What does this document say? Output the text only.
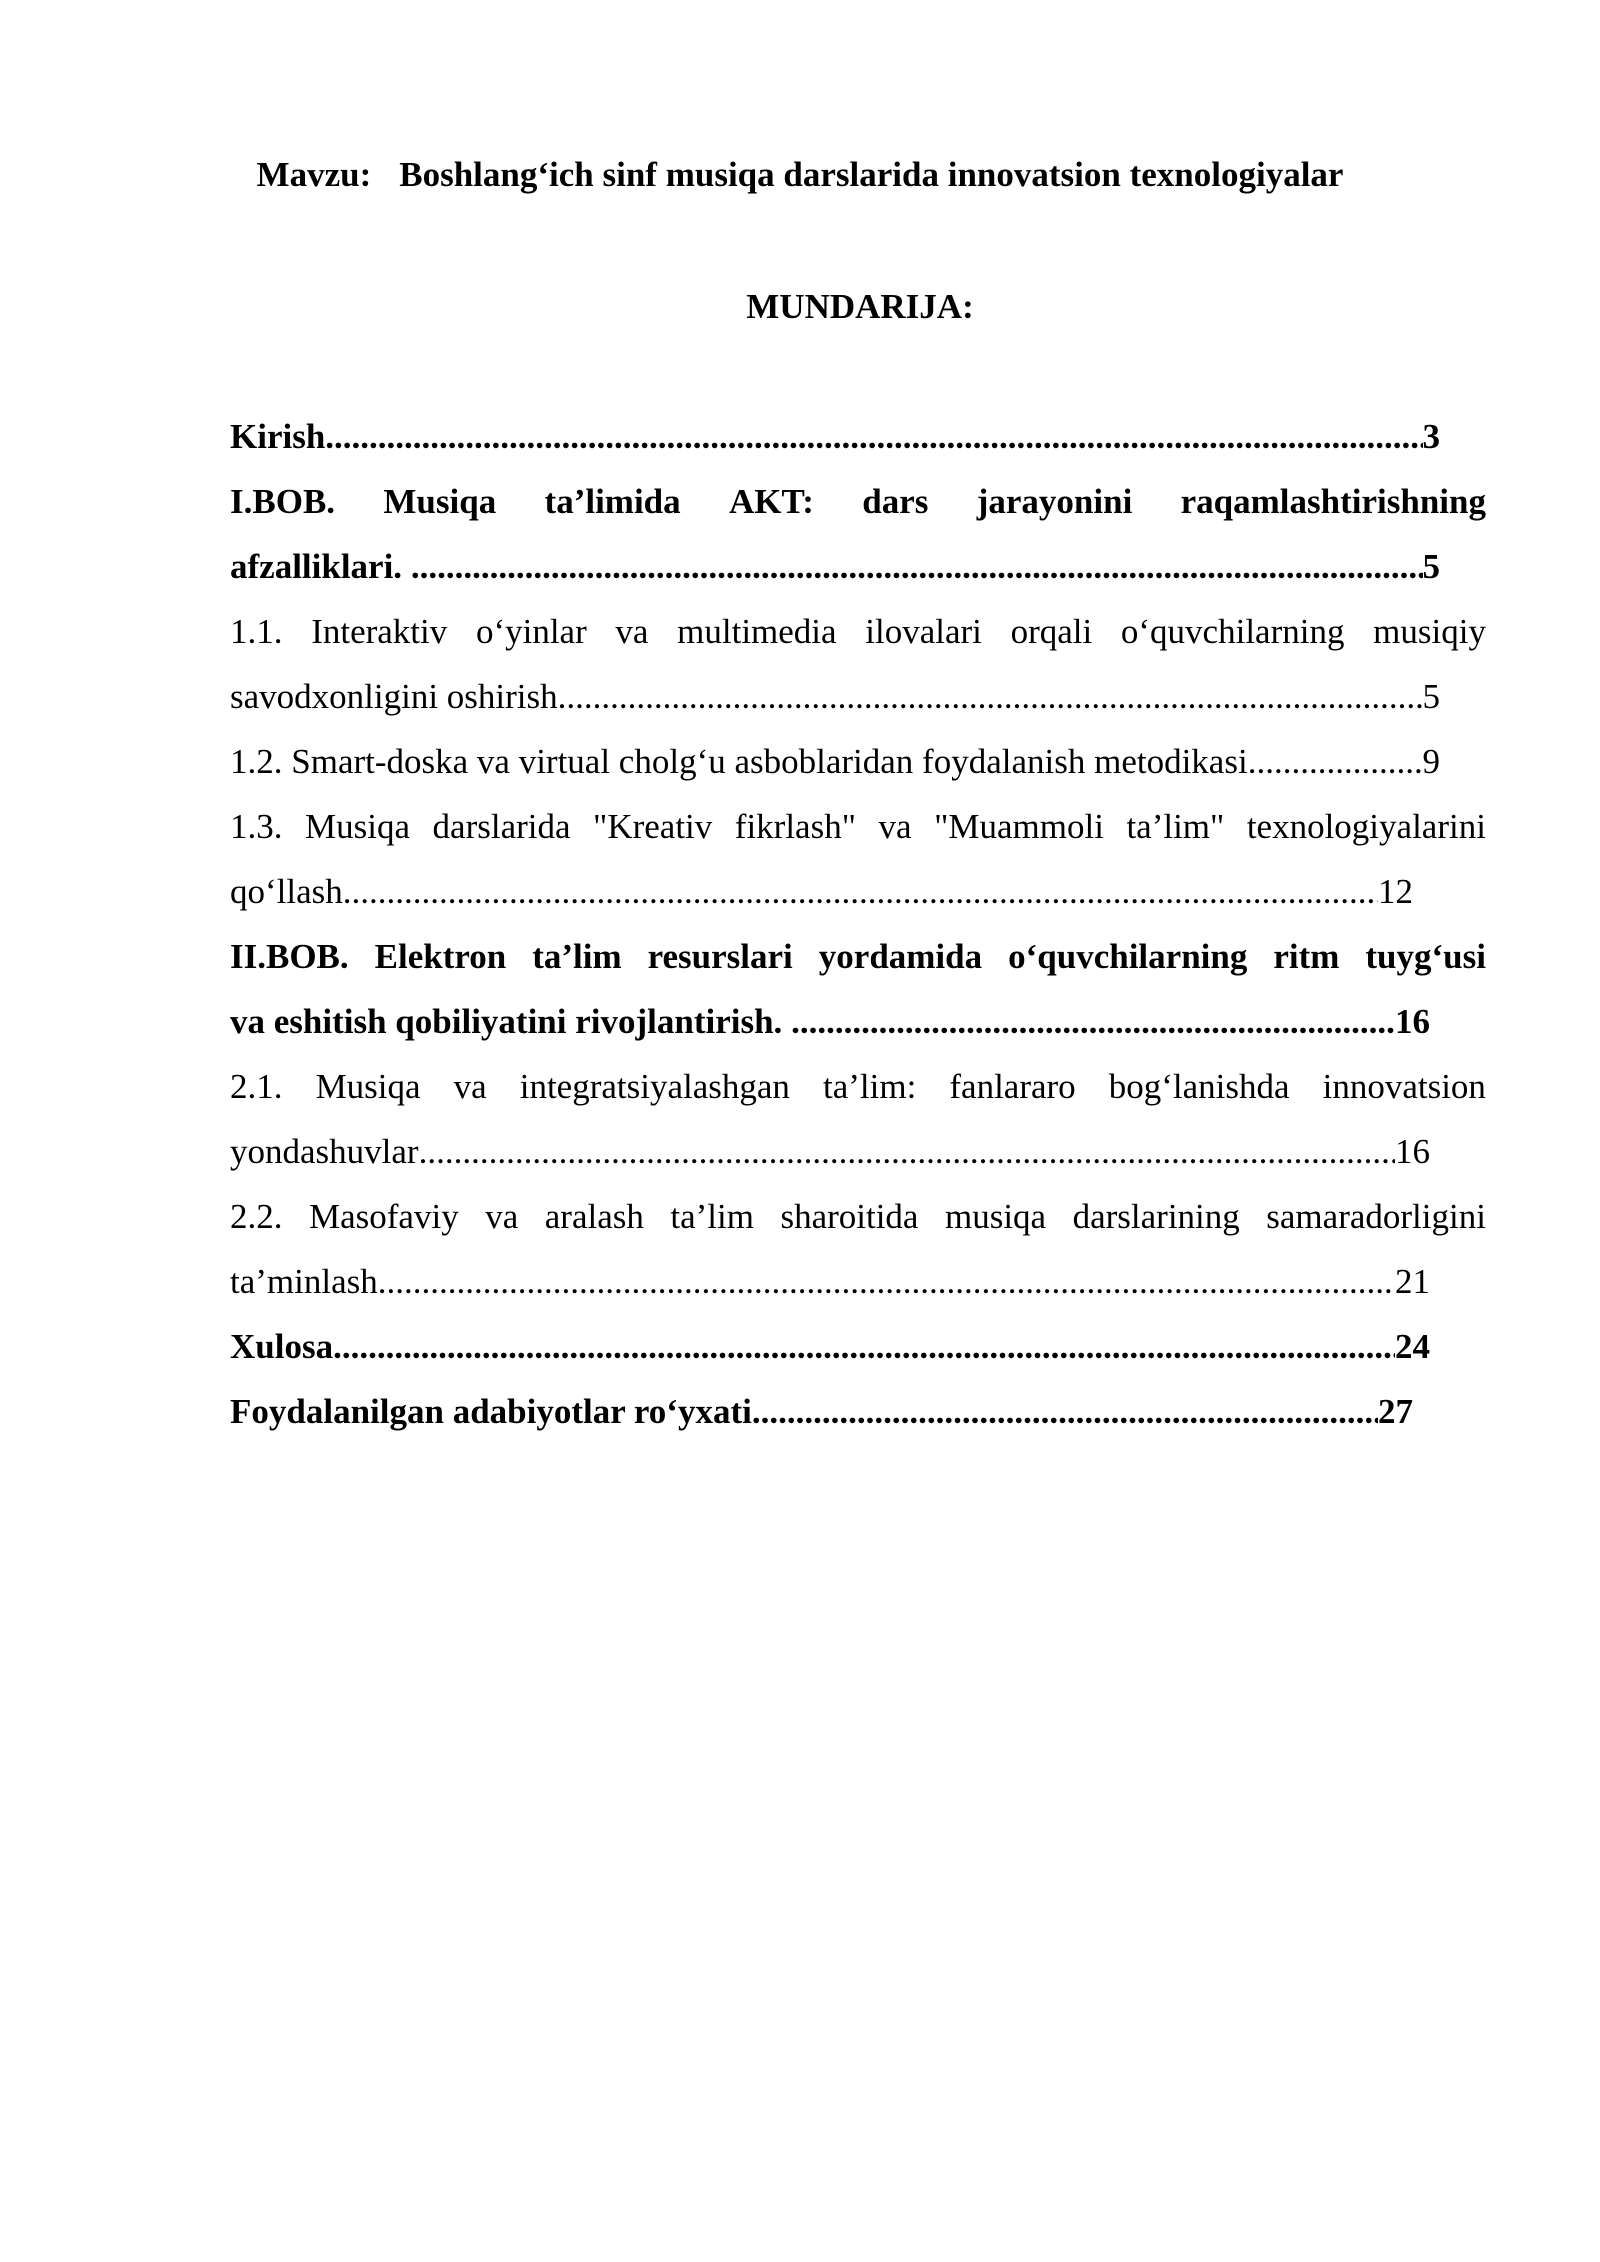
Mavzu: Boshlang‘ich sinf musiqa darslarida innovatsion texnologiyalar
MUNDARIJA:
Kirish .....	3
I.BOB. Musiqa ta’limida AKT: dars jarayonini raqamlashtirishning
afzalliklari. .....	5
1.1. Interaktiv o‘yinlar va multimedia ilovalari orqali o‘quvchilarning musiqiy
savodxonligini oshirish .....	5
1.2. Smart-doska va virtual cholg‘u asboblaridan foydalanish metodikasi .....	9
1.3. Musiqa darslarida "Kreativ fikrlash" va "Muammoli ta’lim" texnologiyalarini
qo‘llash .....	12
II.BOB. Elektron ta’lim resurslari yordamida o‘quvchilarning ritm tuyg‘usi
va eshitish qobiliyatini rivojlantirish. .....	16
2.1. Musiqa va integratsiyalashgan ta’lim: fanlararo bog‘lanishda innovatsion
yondashuvlar .....	16
2.2. Masofaviy va aralash ta’lim sharoitida musiqa darslarining samaradorligini
ta’minlash .....	21
Xulosa .....	24
Foydalanilgan adabiyotlar ro‘yxati .....	27
